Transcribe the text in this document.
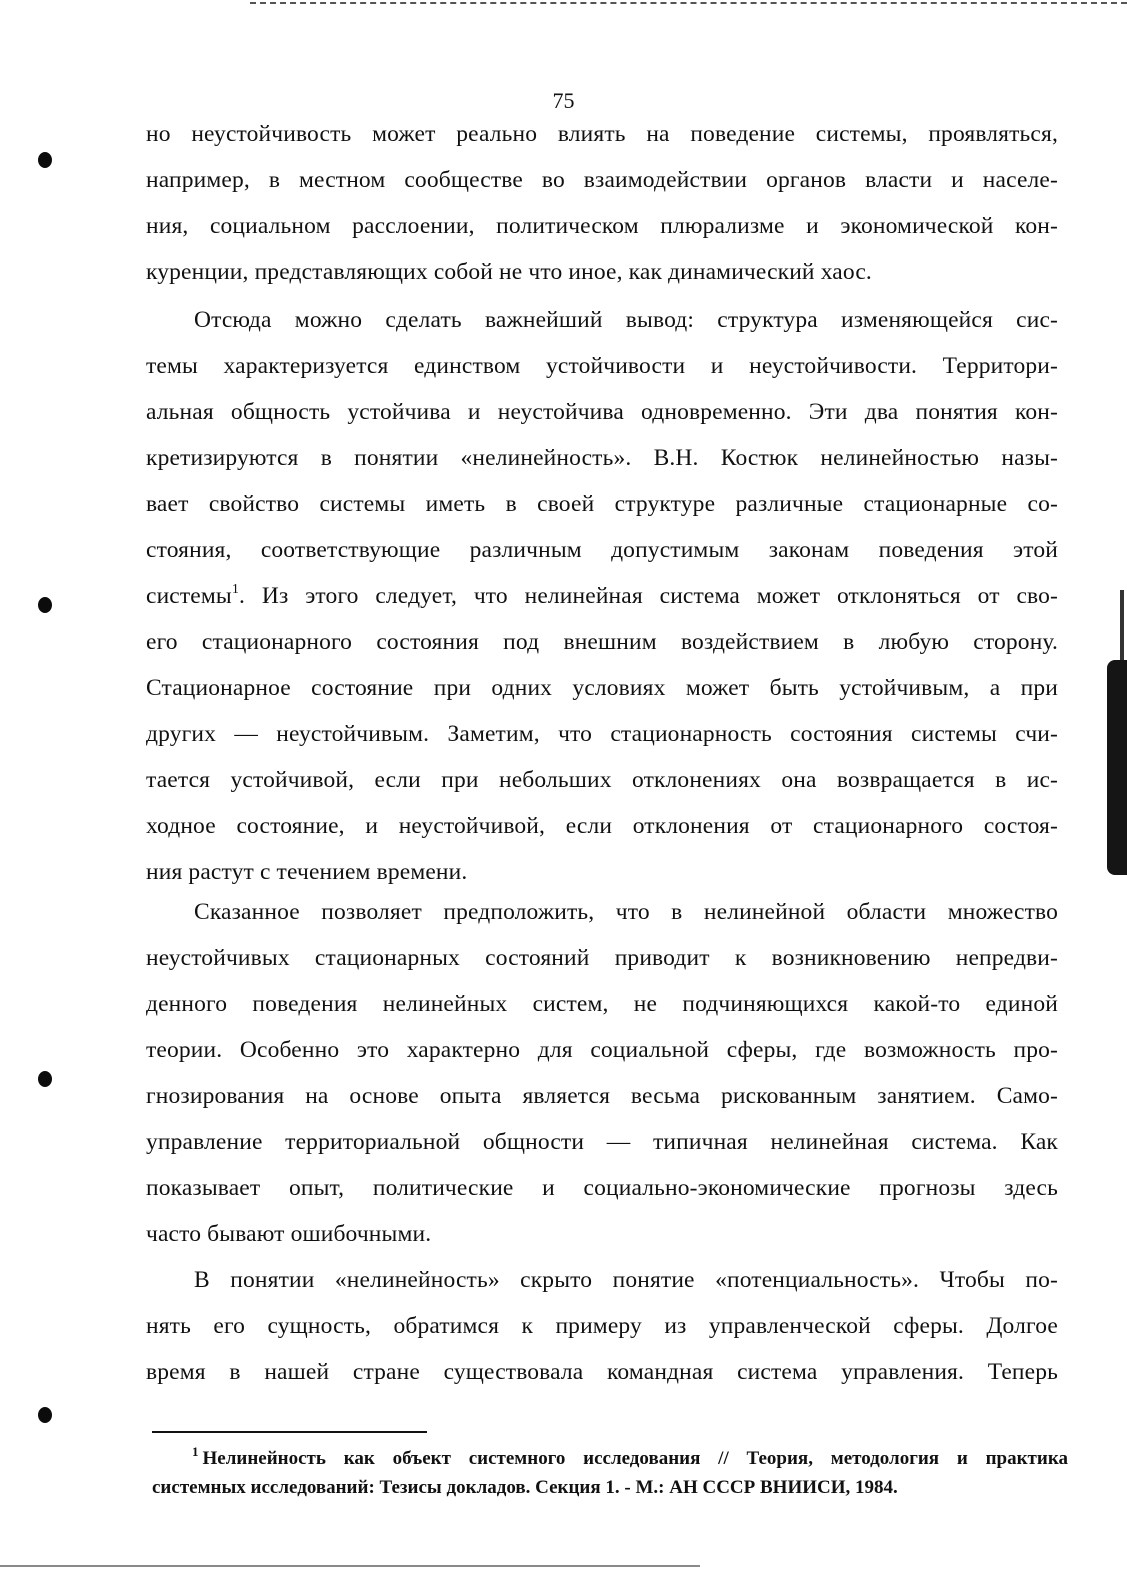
75
но неустойчивость может реально влиять на поведение системы, проявляться,
например, в местном сообществе во взаимодействии органов власти и населе-
ния, социальном расслоении, политическом плюрализме и экономической кон-
куренции, представляющих собой не что иное, как динамический хаос.
Отсюда можно сделать важнейший вывод: структура изменяющейся сис-
темы характеризуется единством устойчивости и неустойчивости. Территори-
альная общность устойчива и неустойчива одновременно. Эти два понятия кон-
кретизируются в понятии «нелинейность». В.Н. Костюк нелинейностью назы-
вает свойство системы иметь в своей структуре различные стационарные со-
стояния, соответствующие различным допустимым законам поведения этой
системы$^1$. Из этого следует, что нелинейная система может отклоняться от сво-
его стационарного состояния под внешним воздействием в любую сторону.
Стационарное состояние при одних условиях может быть устойчивым, а при
других — неустойчивым. Заметим, что стационарность состояния системы счи-
тается устойчивой, если при небольших отклонениях она возвращается в ис-
ходное состояние, и неустойчивой, если отклонения от стационарного состоя-
ния растут с течением времени.
Сказанное позволяет предположить, что в нелинейной области множество
неустойчивых стационарных состояний приводит к возникновению непредви-
денного поведения нелинейных систем, не подчиняющихся какой-то единой
теории. Особенно это характерно для социальной сферы, где возможность про-
гнозирования на основе опыта является весьма рискованным занятием. Само-
управление территориальной общности — типичная нелинейная система. Как
показывает опыт, политические и социально-экономические прогнозы здесь
часто бывают ошибочными.
В понятии «нелинейность» скрыто понятие «потенциальность». Чтобы по-
нять его сущность, обратимся к примеру из управленческой сферы. Долгое
время в нашей стране существовала командная система управления. Теперь
$^1$ Нелинейность как объект системного исследования // Теория, методология и практика
системных исследований: Тезисы докладов. Секция 1. - М.: АН СССР ВНИИСИ, 1984.
